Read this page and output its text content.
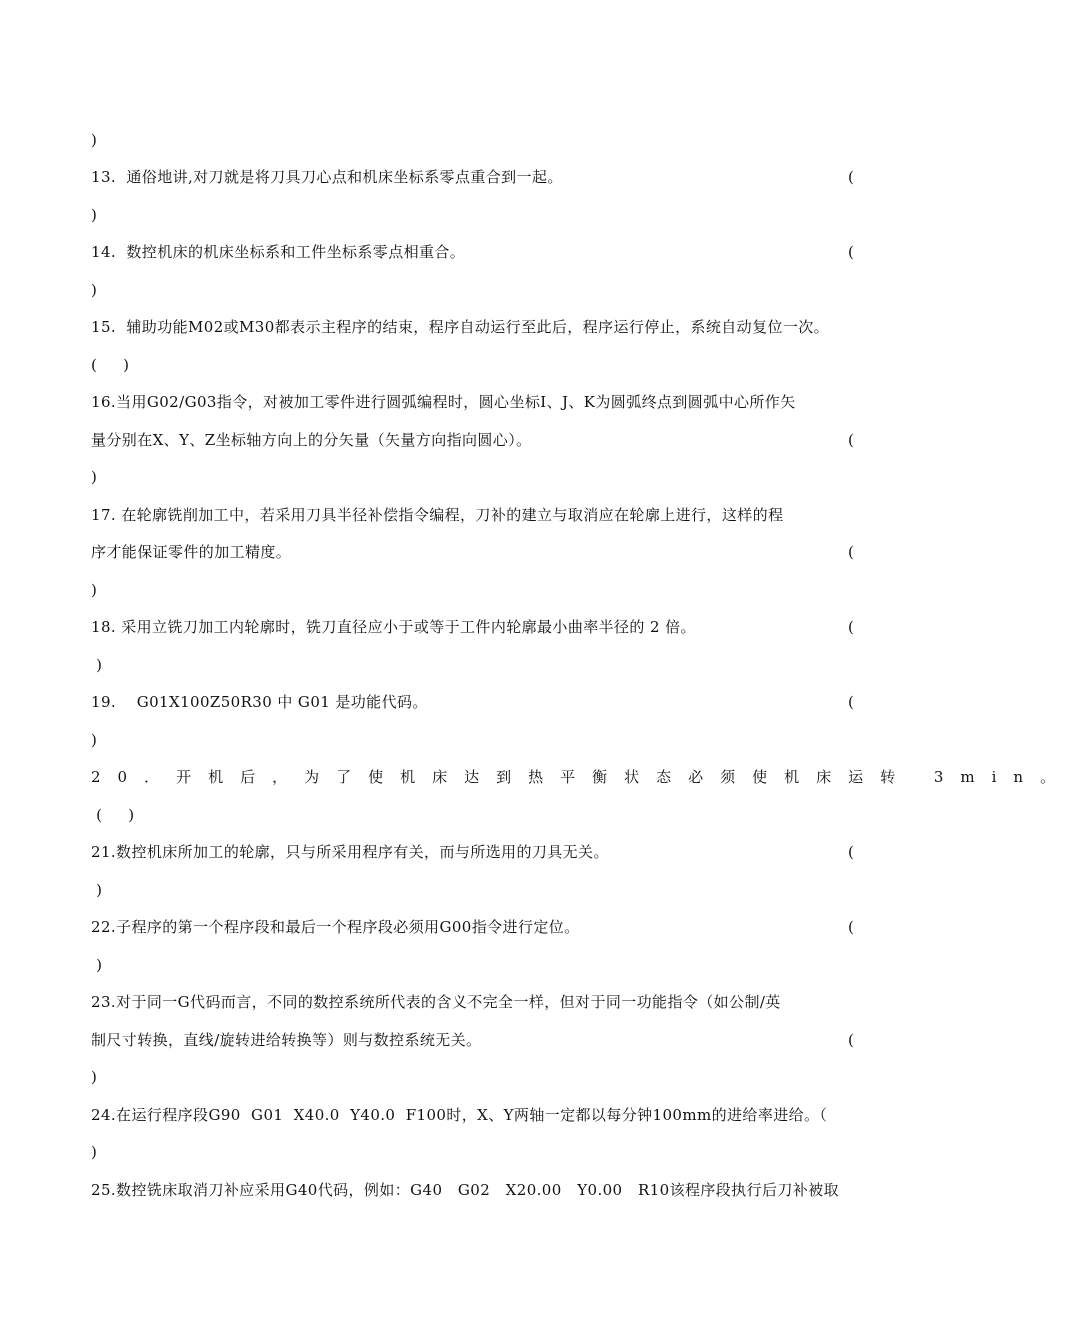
)
13.  通俗地讲,对刀就是将刀具刀心点和机床坐标系零点重合到一起。
)
14.  数控机床的机床坐标系和工件坐标系零点相重合。
)
15.  辅助功能M02或M30都表示主程序的结束，程序自动运行至此后，程序运行停止，系统自动复位一次。
(     )
16.当用G02/G03指令，对被加工零件进行圆弧编程时，圆心坐标I、J、K为圆弧终点到圆弧中心所作矢
量分别在X、Y、Z坐标轴方向上的分矢量（矢量方向指向圆心）。
)
17. 在轮廓铣削加工中，若采用刀具半径补偿指令编程，刀补的建立与取消应在轮廓上进行，这样的程
序才能保证零件的加工精度。
)
18. 采用立铣刀加工内轮廓时，铣刀直径应小于或等于工件内轮廓最小曲率半径的 2 倍。
)
19.    G01X100Z50R30 中 G01 是功能代码。
)
20．开机后，为了使机床达到热平衡状态必须使机床运转 3min。
(     )
21.数控机床所加工的轮廓，只与所采用程序有关，而与所选用的刀具无关。
)
22.子程序的第一个程序段和最后一个程序段必须用G00指令进行定位。
)
23.对于同一G代码而言，不同的数控系统所代表的含义不完全一样，但对于同一功能指令（如公制/英
制尺寸转换，直线/旋转进给转换等）则与数控系统无关。
)
24.在运行程序段G90  G01  X40.0  Y40.0  F100时，X、Y两轴一定都以每分钟100mm的进给率进给。（
)
25.数控铣床取消刀补应采用G40代码，例如：G40   G02   X20.00   Y0.00   R10该程序段执行后刀补被取
(
(
(
(
(
(
(
(
(
